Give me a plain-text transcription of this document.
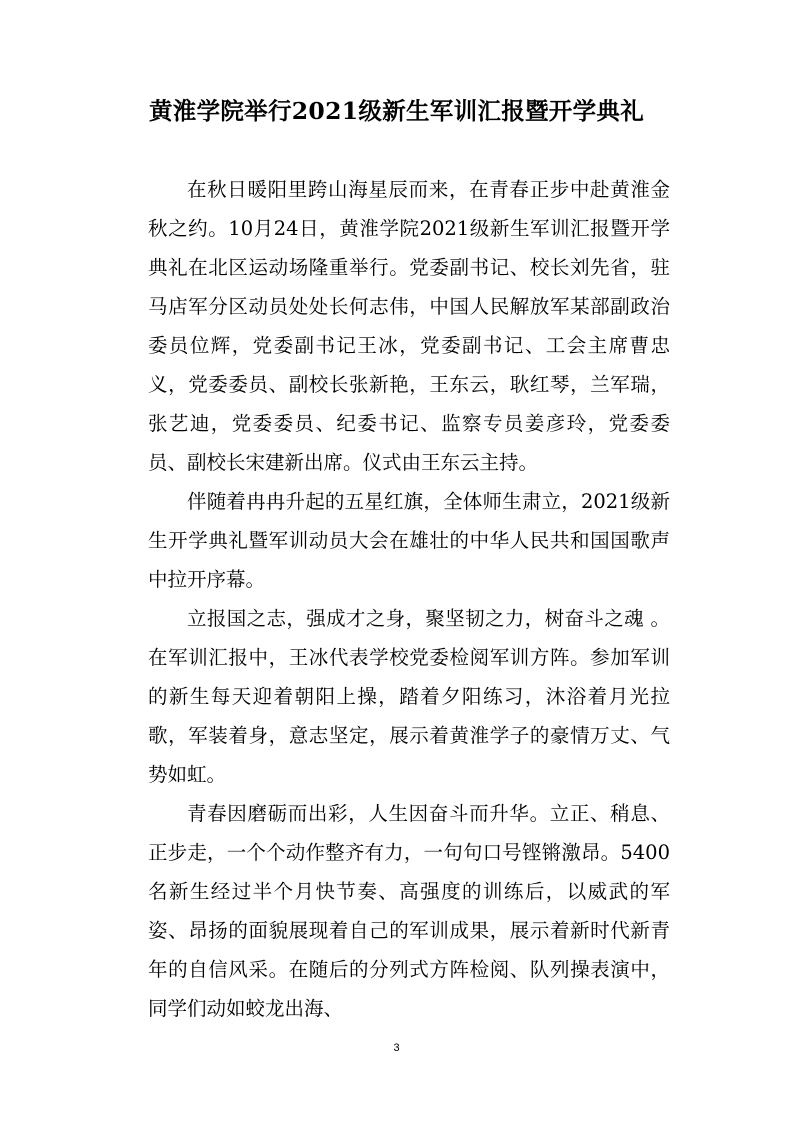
黄淮学院举行2021级新生军训汇报暨开学典礼

在秋日暖阳里跨山海星辰而来，在青春正步中赴黄淮金秋之约。10月24日，黄淮学院2021级新生军训汇报暨开学典礼在北区运动场隆重举行。党委副书记、校长刘先省，驻马店军分区动员处处长何志伟，中国人民解放军某部副政治委员位辉，党委副书记王冰，党委副书记、工会主席曹忠义，党委委员、副校长张新艳，王东云，耿红琴，兰军瑞，张艺迪，党委委员、纪委书记、监察专员姜彦玲，党委委员、副校长宋建新出席。仪式由王东云主持。

伴随着冉冉升起的五星红旗，全体师生肃立，2021级新生开学典礼暨军训动员大会在雄壮的中华人民共和国国歌声中拉开序幕。

立报国之志，强成才之身，聚坚韧之力，树奋斗之魂 。在军训汇报中，王冰代表学校党委检阅军训方阵。参加军训的新生每天迎着朝阳上操，踏着夕阳练习，沐浴着月光拉歌，军装着身，意志坚定，展示着黄淮学子的豪情万丈、气势如虹。

青春因磨砺而出彩，人生因奋斗而升华。立正、稍息、正步走，一个个动作整齐有力，一句句口号铿锵激昂。5400名新生经过半个月快节奏、高强度的训练后，以威武的军姿、昂扬的面貌展现着自己的军训成果，展示着新时代新青年的自信风采。在随后的分列式方阵检阅、队列操表演中，同学们动如蛟龙出海、

3
